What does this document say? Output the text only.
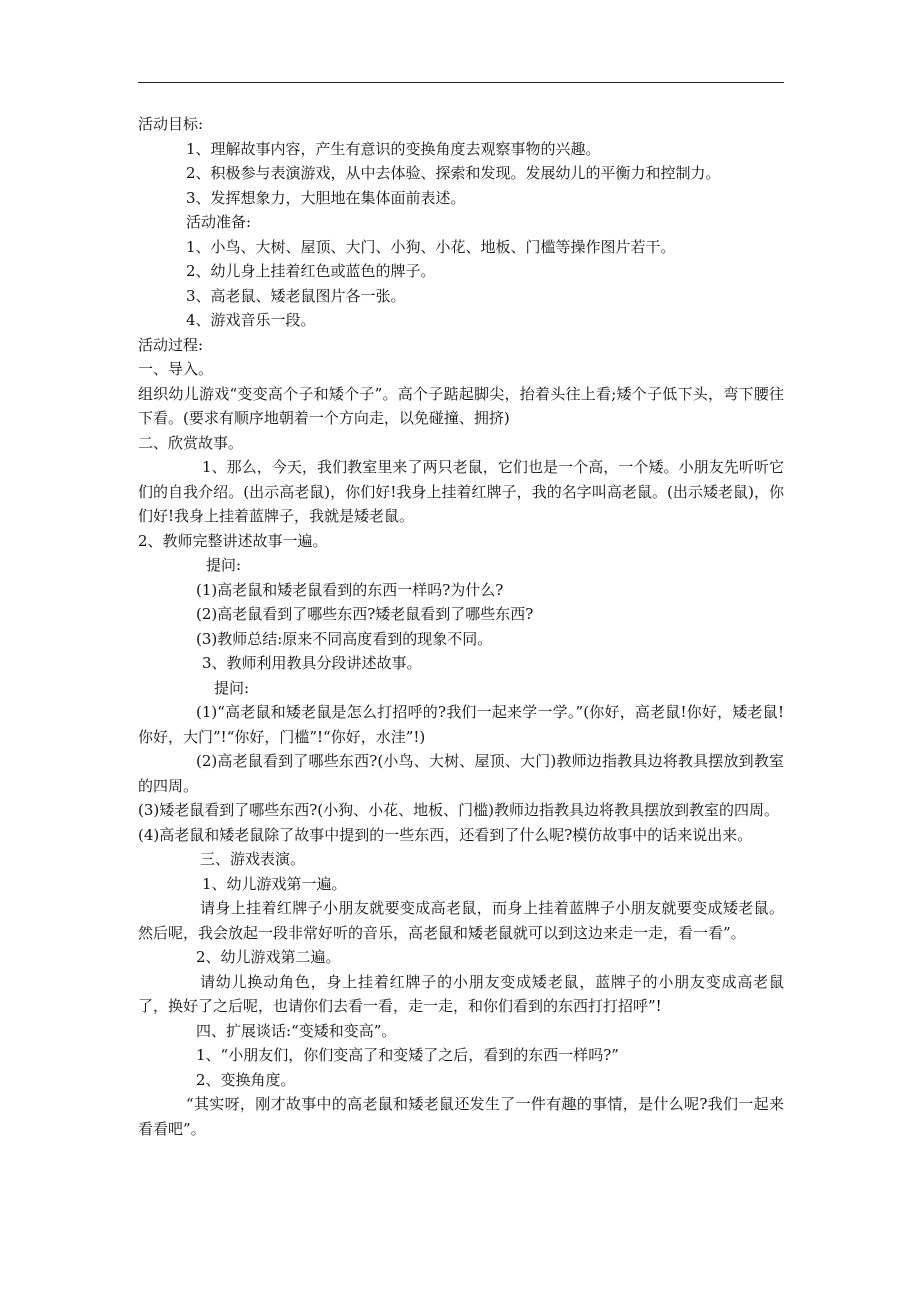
活动目标:
1、理解故事内容，产生有意识的变换角度去观察事物的兴趣。
2、积极参与表演游戏，从中去体验、探索和发现。发展幼儿的平衡力和控制力。
3、发挥想象力，大胆地在集体面前表述。
活动准备:
1、小鸟、大树、屋顶、大门、小狗、小花、地板、门槛等操作图片若干。
2、幼儿身上挂着红色或蓝色的牌子。
3、高老鼠、矮老鼠图片各一张。
4、游戏音乐一段。
活动过程:
一、导入。
组织幼儿游戏“变变高个子和矮个子”。高个子踮起脚尖，抬着头往上看;矮个子低下头，弯下腰往下看。(要求有顺序地朝着一个方向走，以免碰撞、拥挤)
二、欣赏故事。
1、那么，今天，我们教室里来了两只老鼠，它们也是一个高，一个矮。小朋友先听听它们的自我介绍。(出示高老鼠)，你们好!我身上挂着红牌子，我的名字叫高老鼠。(出示矮老鼠)，你们好!我身上挂着蓝牌子，我就是矮老鼠。
2、教师完整讲述故事一遍。
提问:
(1)高老鼠和矮老鼠看到的东西一样吗?为什么?
(2)高老鼠看到了哪些东西?矮老鼠看到了哪些东西?
(3)教师总结:原来不同高度看到的现象不同。
3、教师利用教具分段讲述故事。
提问:
(1)“高老鼠和矮老鼠是怎么打招呼的?我们一起来学一学。”(你好，高老鼠!你好，矮老鼠!你好，大门”!“你好，门槛”!“你好，水洼”!)
(2)高老鼠看到了哪些东西?(小鸟、大树、屋顶、大门)教师边指教具边将教具摆放到教室的四周。
(3)矮老鼠看到了哪些东西?(小狗、小花、地板、门槛)教师边指教具边将教具摆放到教室的四周。
(4)高老鼠和矮老鼠除了故事中提到的一些东西，还看到了什么呢?模仿故事中的话来说出来。
三、游戏表演。
1、幼儿游戏第一遍。
请身上挂着红牌子小朋友就要变成高老鼠，而身上挂着蓝牌子小朋友就要变成矮老鼠。然后呢，我会放起一段非常好听的音乐，高老鼠和矮老鼠就可以到这边来走一走，看一看”。
2、幼儿游戏第二遍。
请幼儿换动角色，身上挂着红牌子的小朋友变成矮老鼠，蓝牌子的小朋友变成高老鼠了，换好了之后呢，也请你们去看一看，走一走，和你们看到的东西打打招呼”!
四、扩展谈话:“变矮和变高”。
1、“小朋友们，你们变高了和变矮了之后，看到的东西一样吗?”
2、变换角度。
“其实呀，刚才故事中的高老鼠和矮老鼠还发生了一件有趣的事情，是什么呢?我们一起来看看吧”。
